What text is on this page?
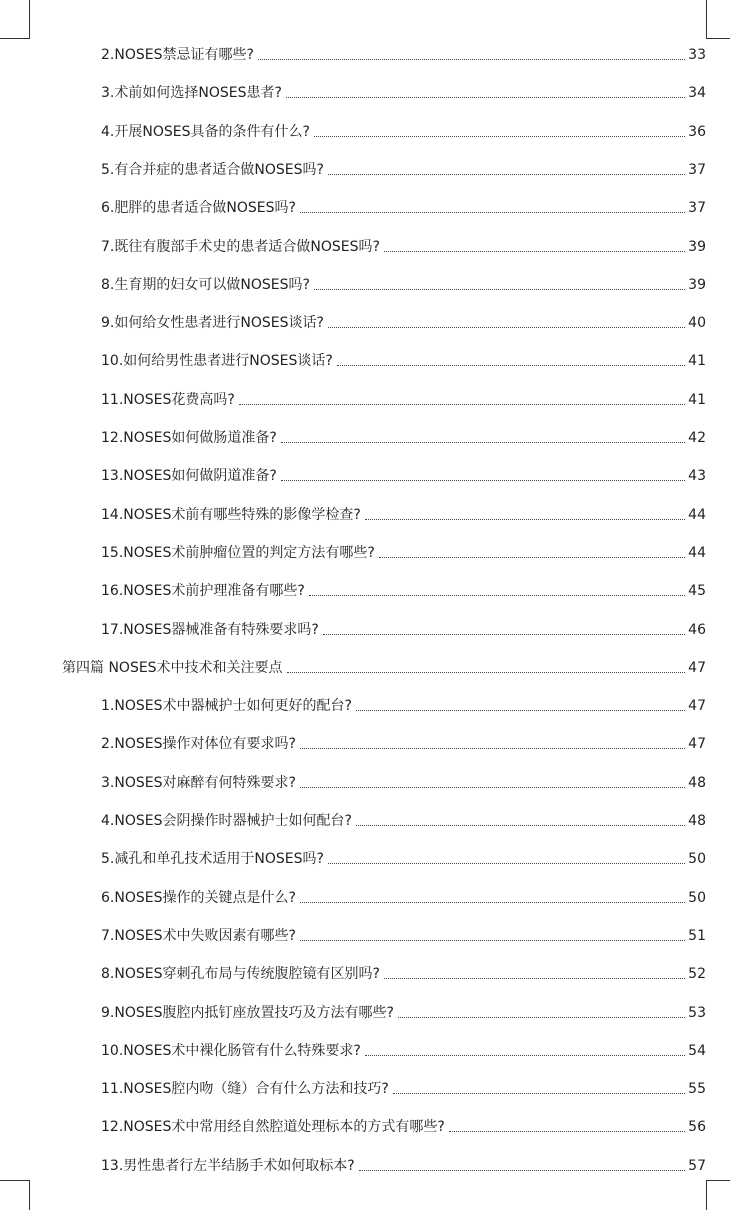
2.NOSES禁忌证有哪些?	33
3.术前如何选择NOSES患者?	34
4.开展NOSES具备的条件有什么?	36
5.有合并症的患者适合做NOSES吗?	37
6.肥胖的患者适合做NOSES吗?	37
7.既往有腹部手术史的患者适合做NOSES吗?	39
8.生育期的妇女可以做NOSES吗?	39
9.如何给女性患者进行NOSES谈话?	40
10.如何给男性患者进行NOSES谈话?	41
11.NOSES花费高吗?	41
12.NOSES如何做肠道准备?	42
13.NOSES如何做阴道准备?	43
14.NOSES术前有哪些特殊的影像学检查?	44
15.NOSES术前肿瘤位置的判定方法有哪些?	44
16.NOSES术前护理准备有哪些?	45
17.NOSES器械准备有特殊要求吗?	46
第四篇 NOSES术中技术和关注要点	47
1.NOSES术中器械护士如何更好的配台?	47
2.NOSES操作对体位有要求吗?	47
3.NOSES对麻醉有何特殊要求?	48
4.NOSES会阴操作时器械护士如何配台?	48
5.减孔和单孔技术适用于NOSES吗?	50
6.NOSES操作的关键点是什么?	50
7.NOSES术中失败因素有哪些?	51
8.NOSES穿刺孔布局与传统腹腔镜有区别吗?	52
9.NOSES腹腔内抵钉座放置技巧及方法有哪些?	53
10.NOSES术中裸化肠管有什么特殊要求?	54
11.NOSES腔内吻（缝）合有什么方法和技巧?	55
12.NOSES术中常用经自然腔道处理标本的方式有哪些?	56
13.男性患者行左半结肠手术如何取标本?	57
